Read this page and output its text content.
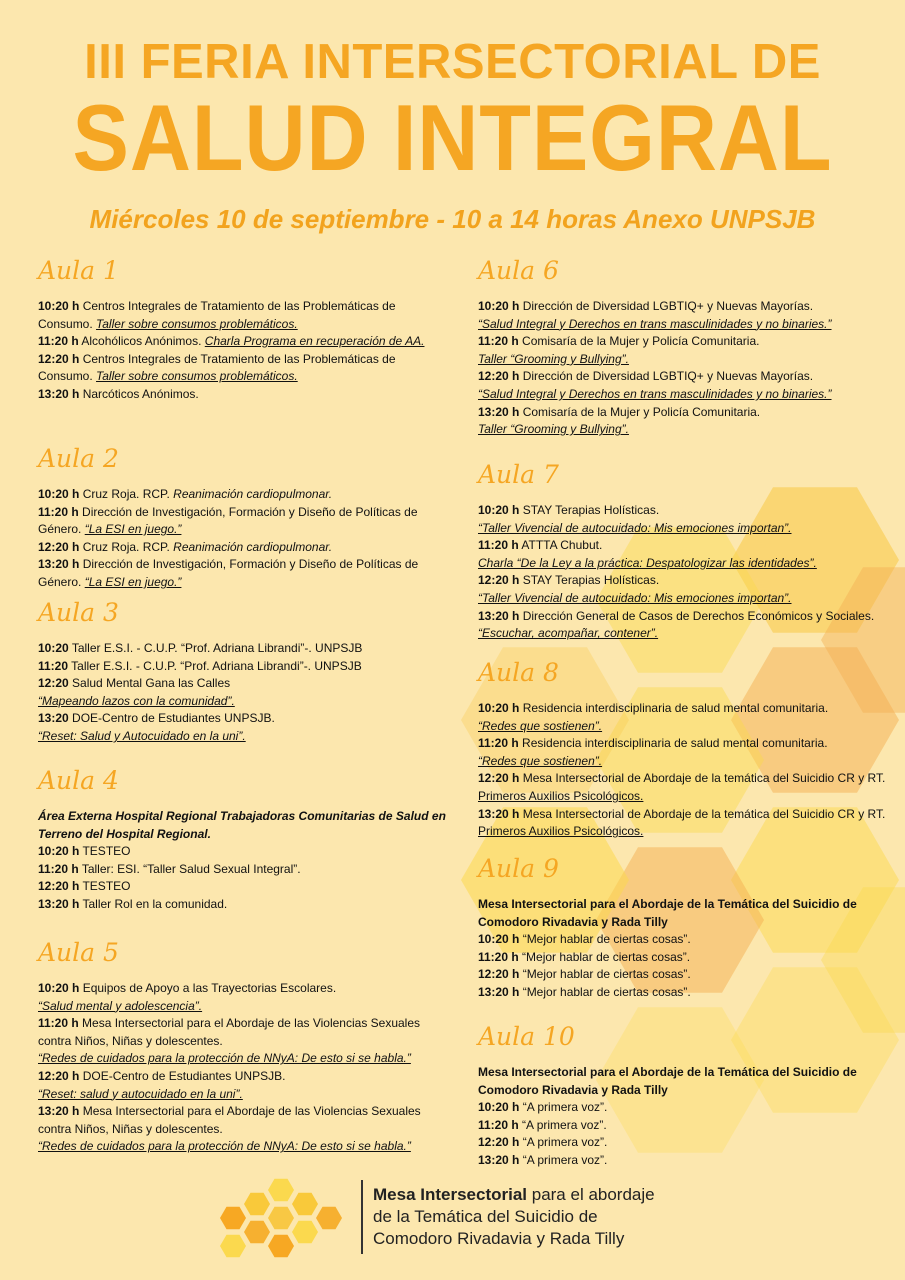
III FERIA INTERSECTORIAL DE
SALUD INTEGRAL
Miércoles 10 de septiembre - 10 a 14 horas Anexo UNPSJB
Aula 1

10:20 h Centros Integrales de Tratamiento de las Problemáticas de Consumo. Taller sobre consumos problemáticos.

11:20 h Alcohólicos Anónimos. Charla Programa en recuperación de AA.

12:20 h Centros Integrales de Tratamiento de las Problemáticas de Consumo. Taller sobre consumos problemáticos.

13:20 h Narcóticos Anónimos.

Aula 2

10:20 h Cruz Roja. RCP. Reanimación cardiopulmonar.

11:20 h Dirección de Investigación, Formación y Diseño de Políticas de Género. “La ESI en juego.”

12:20 h Cruz Roja. RCP. Reanimación cardiopulmonar.

13:20 h Dirección de Investigación, Formación y Diseño de Políticas de Género. “La ESI en juego.”

Aula 3

10:20 Taller E.S.I. - C.U.P. “Prof. Adriana Librandi”-. UNPSJB

11:20 Taller E.S.I. - C.U.P. “Prof. Adriana Librandi”-. UNPSJB

12:20 Salud Mental Gana las Calles
“Mapeando lazos con la comunidad”.

13:20 DOE-Centro de Estudiantes UNPSJB.
“Reset: Salud y Autocuidado en la uni”.

Aula 4

Área Externa Hospital Regional Trabajadoras Comunitarias de Salud en Terreno del Hospital Regional.

10:20 h TESTEO

11:20 h Taller: ESI. “Taller Salud Sexual Integral”.

12:20 h TESTEO

13:20 h Taller Rol en la comunidad.

Aula 5

10:20 h Equipos de Apoyo a las Trayectorias Escolares.
“Salud mental y adolescencia”.

11:20 h Mesa Intersectorial para el Abordaje de las Violencias Sexuales contra Niños, Niñas y dolescentes.
“Redes de cuidados para la protección de NNyA: De esto si se habla.”

12:20 h DOE-Centro de Estudiantes UNPSJB.
“Reset: salud y autocuidado en la uni”.

13:20 h Mesa Intersectorial para el Abordaje de las Violencias Sexuales contra Niños, Niñas y dolescentes.
“Redes de cuidados para la protección de NNyA: De esto si se habla.”

Aula 6

10:20 h Dirección de Diversidad LGBTIQ+ y Nuevas Mayorías.
“Salud Integral y Derechos en trans masculinidades y no binaries.”

11:20 h Comisaría de la Mujer y Policía Comunitaria.
Taller “Grooming y Bullying”.

12:20 h Dirección de Diversidad LGBTIQ+ y Nuevas Mayorías.
“Salud Integral y Derechos en trans masculinidades y no binaries.”

13:20 h Comisaría de la Mujer y Policía Comunitaria.
Taller “Grooming y Bullying”.

Aula 7

10:20 h STAY Terapias Holísticas.
“Taller Vivencial de autocuidado: Mis emociones importan”.

11:20 h ATTTA Chubut.
Charla “De la Ley a la práctica: Despatologizar las identidades”.

12:20 h STAY Terapias Holísticas.
“Taller Vivencial de autocuidado: Mis emociones importan”.

13:20 h Dirección General de Casos de Derechos Económicos y Sociales. “Escuchar, acompañar, contener”.

Aula 8

10:20 h Residencia interdisciplinaria de salud mental comunitaria.
“Redes que sostienen”.

11:20 h Residencia interdisciplinaria de salud mental comunitaria.
“Redes que sostienen”.

12:20 h Mesa Intersectorial de Abordaje de la temática del Suicidio CR y RT. Primeros Auxilios Psicológicos.

13:20 h Mesa Intersectorial de Abordaje de la temática del Suicidio CR y RT. Primeros Auxilios Psicológicos.

Aula 9

Mesa Intersectorial para el Abordaje de la Temática del Suicidio de Comodoro Rivadavia y Rada Tilly

10:20 h “Mejor hablar de ciertas cosas”.

11:20 h “Mejor hablar de ciertas cosas”.

12:20 h “Mejor hablar de ciertas cosas”.

13:20 h “Mejor hablar de ciertas cosas”.

Aula 10

Mesa Intersectorial para el Abordaje de la Temática del Suicidio de Comodoro Rivadavia y Rada Tilly

10:20 h “A primera voz”.

11:20 h “A primera voz”.

12:20 h “A primera voz”.

13:20 h “A primera voz”.

Mesa Intersectorial para el abordaje
de la Temática del Suicidio de
Comodoro Rivadavia y Rada Tilly
